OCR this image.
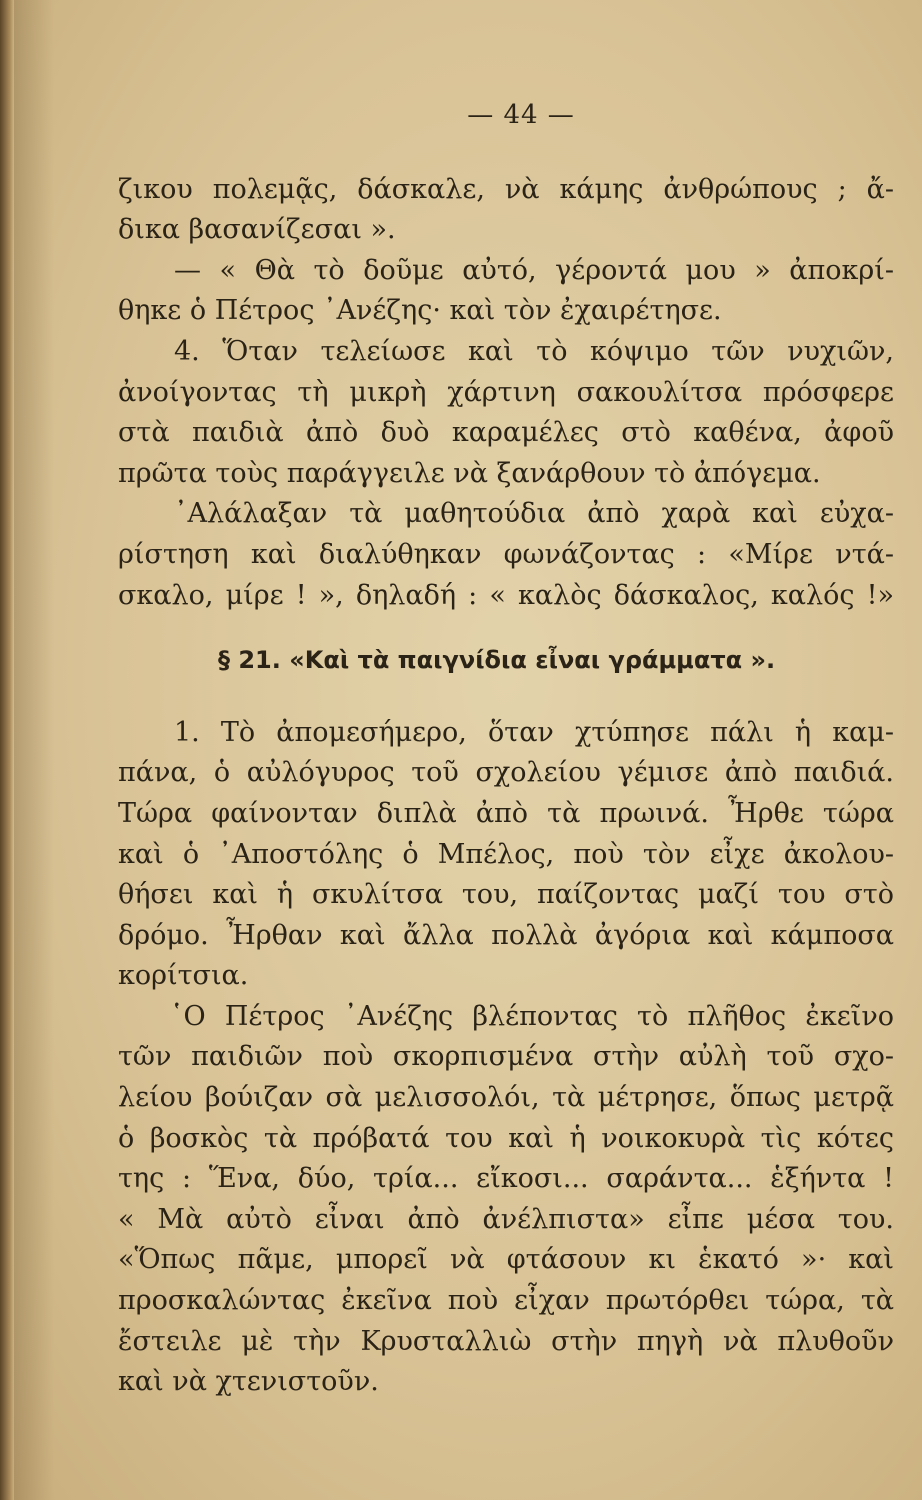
— 44 —
ζικου πολεμᾷς, δάσκαλε, νὰ κάμης ἀνθρώπους ; ἄ-
δικα βασανίζεσαι ».
— « Θὰ τὸ δοῦμε αὐτό, γέροντά μου » ἀποκρί-
θηκε ὁ Πέτρος ᾿Ανέζης· καὶ τὸν ἐχαιρέτησε.
4. Ὅταν τελείωσε καὶ τὸ κόψιμο τῶν νυχιῶν,
ἀνοίγοντας τὴ μικρὴ χάρτινη σακουλίτσα πρόσφερε
στὰ παιδιὰ ἀπὸ δυὸ καραμέλες στὸ καθένα, ἀφοῦ
πρῶτα τοὺς παράγγειλε νὰ ξανάρθουν τὸ ἀπόγεμα.
᾿Αλάλαξαν τὰ μαθητούδια ἀπὸ χαρὰ καὶ εὐχα-
ρίστηση καὶ διαλύθηκαν φωνάζοντας : «Μίρε ντά-
σκαλο, μίρε ! », δηλαδή : « καλὸς δάσκαλος, καλός !»
§ 21. «Καὶ τὰ παιγνίδια εἶναι γράμματα ».
1. Τὸ ἀπομεσήμερο, ὅταν χτύπησε πάλι ἡ καμ-
πάνα, ὁ αὐλόγυρος τοῦ σχολείου γέμισε ἀπὸ παιδιά.
Τώρα φαίνονταν διπλὰ ἀπὸ τὰ πρωινά. Ἦρθε τώρα
καὶ ὁ ᾿Αποστόλης ὁ Μπέλος, ποὺ τὸν εἶχε ἀκολου-
θήσει καὶ ἡ σκυλίτσα του, παίζοντας μαζί του στὸ
δρόμο. Ἦρθαν καὶ ἄλλα πολλὰ ἀγόρια καὶ κάμποσα
κορίτσια.
῾Ο Πέτρος ᾿Ανέζης βλέποντας τὸ πλῆθος ἐκεῖνο
τῶν παιδιῶν ποὺ σκορπισμένα στὴν αὐλὴ τοῦ σχο-
λείου βούιζαν σὰ μελισσολόι, τὰ μέτρησε, ὅπως μετρᾷ
ὁ βοσκὸς τὰ πρόβατά του καὶ ἡ νοικοκυρὰ τὶς κότες
της : Ἕνα, δύο, τρία... εἴκοσι... σαράντα... ἑξήντα !
« Μὰ αὐτὸ εἶναι ἀπὸ ἀνέλπιστα» εἶπε μέσα του.
«Ὅπως πᾶμε, μπορεῖ νὰ φτάσουν κι ἑκατό »· καὶ
προσκαλώντας ἐκεῖνα ποὺ εἶχαν πρωτόρθει τώρα, τὰ
ἔστειλε μὲ τὴν Κρυσταλλιὼ στὴν πηγὴ νὰ πλυθοῦν
καὶ νὰ χτενιστοῦν.
